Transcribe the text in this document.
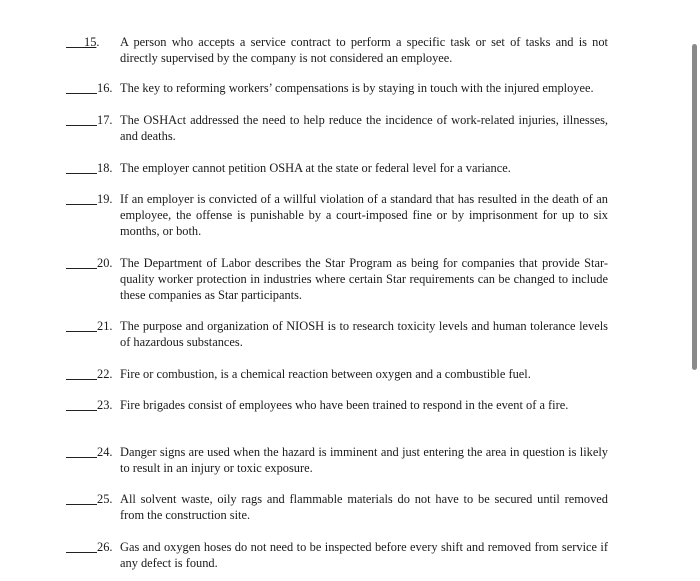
15. A person who accepts a service contract to perform a specific task or set of tasks and is not directly supervised by the company is not considered an employee.
16. The key to reforming workers’ compensations is by staying in touch with the injured employee.
17. The OSHAct addressed the need to help reduce the incidence of work-related injuries, illnesses, and deaths.
18. The employer cannot petition OSHA at the state or federal level for a variance.
19. If an employer is convicted of a willful violation of a standard that has resulted in the death of an employee, the offense is punishable by a court-imposed fine or by imprisonment for up to six months, or both.
20. The Department of Labor describes the Star Program as being for companies that provide Star-quality worker protection in industries where certain Star requirements can be changed to include these companies as Star participants.
21. The purpose and organization of NIOSH is to research toxicity levels and human tolerance levels of hazardous substances.
22. Fire or combustion, is a chemical reaction between oxygen and a combustible fuel.
23. Fire brigades consist of employees who have been trained to respond in the event of a fire.
24. Danger signs are used when the hazard is imminent and just entering the area in question is likely to result in an injury or toxic exposure.
25. All solvent waste, oily rags and flammable materials do not have to be secured until removed from the construction site.
26. Gas and oxygen hoses do not need to be inspected before every shift and removed from service if any defect is found.
